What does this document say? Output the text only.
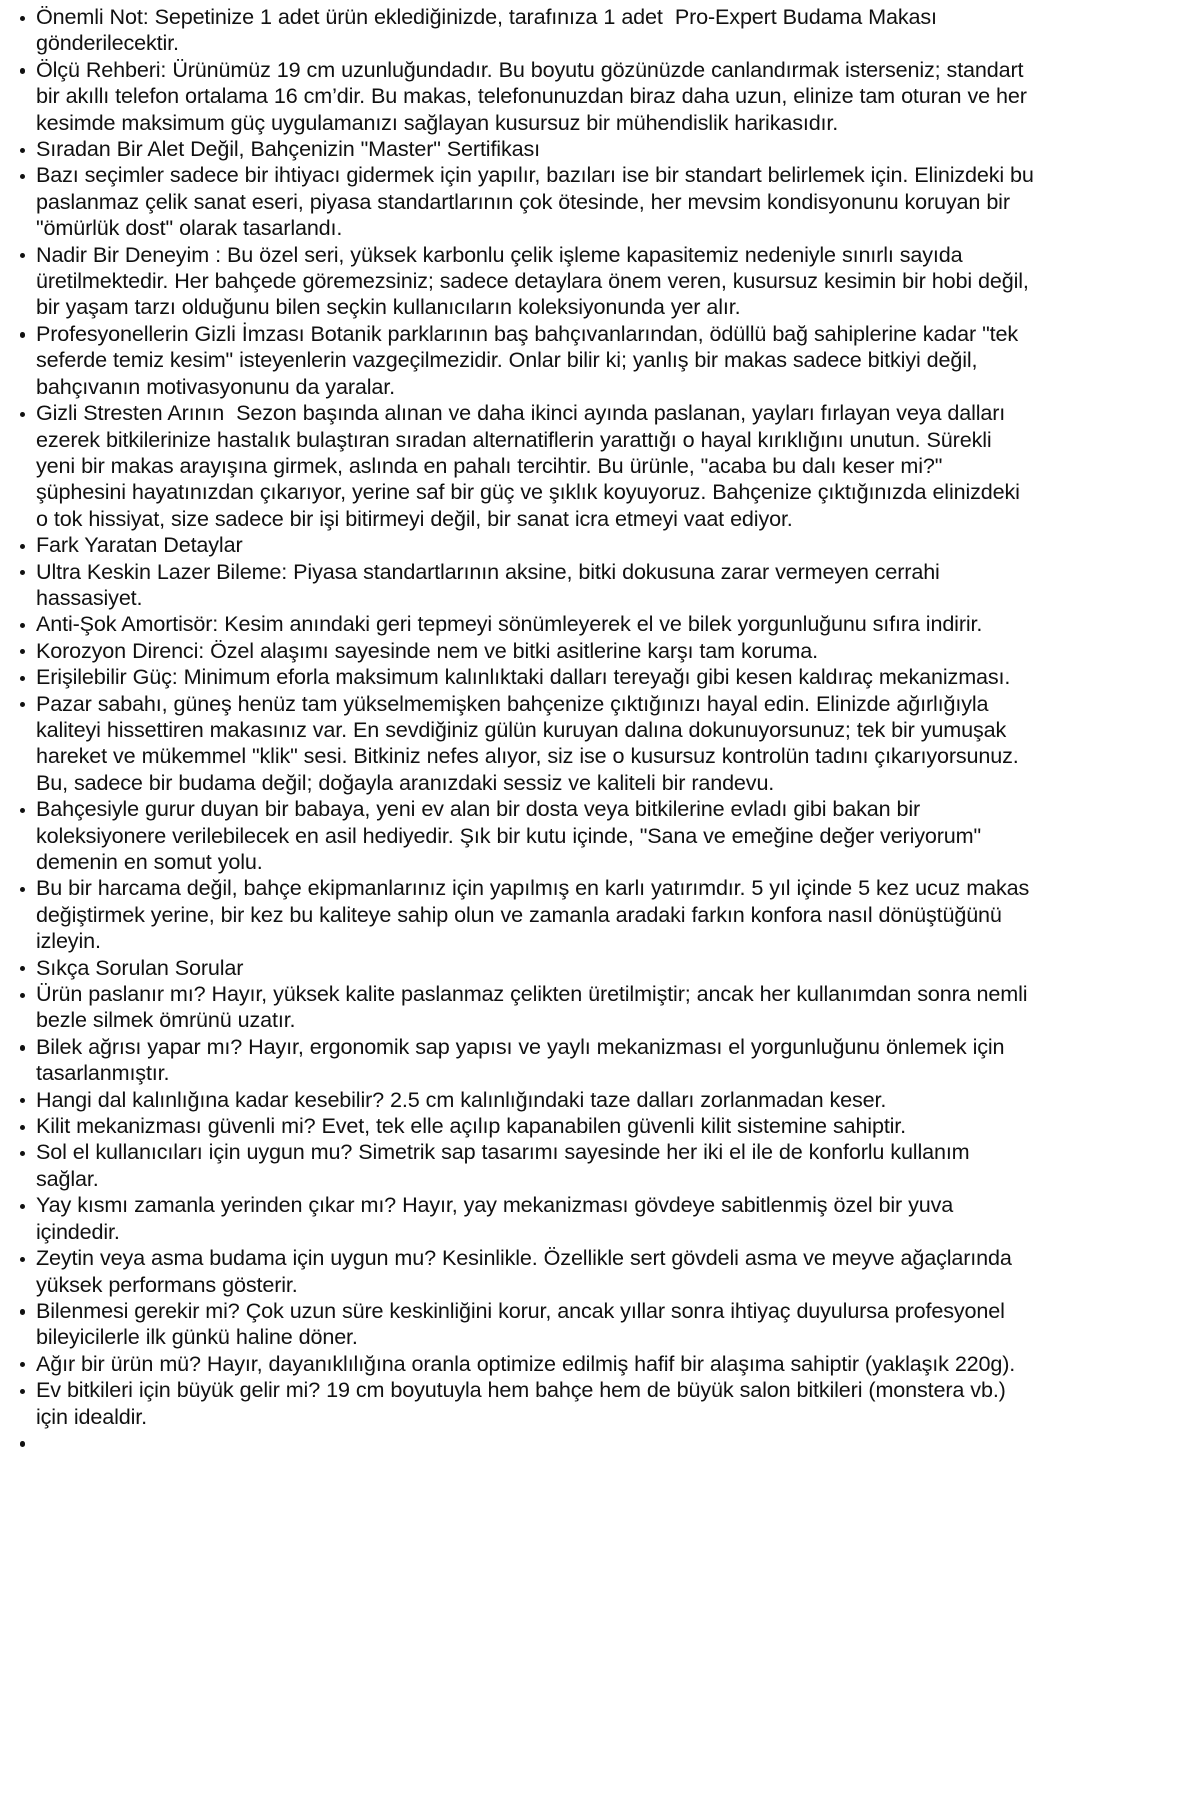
Önemli Not: Sepetinize 1 adet ürün eklediğinizde, tarafınıza 1 adet  Pro-Expert Budama Makası gönderilecektir.
Ölçü Rehberi: Ürünümüz 19 cm uzunluğundadır. Bu boyutu gözünüzde canlandırmak isterseniz; standart bir akıllı telefon ortalama 16 cm’dir. Bu makas, telefonunuzdan biraz daha uzun, elinize tam oturan ve her kesimde maksimum güç uygulamanızı sağlayan kusursuz bir mühendislik harikasıdır.
Sıradan Bir Alet Değil, Bahçenizin "Master" Sertifikası
Bazı seçimler sadece bir ihtiyacı gidermek için yapılır, bazıları ise bir standart belirlemek için. Elinizdeki bu paslanmaz çelik sanat eseri, piyasa standartlarının çok ötesinde, her mevsim kondisyonunu koruyan bir "ömürlük dost" olarak tasarlandı.
Nadir Bir Deneyim : Bu özel seri, yüksek karbonlu çelik işleme kapasitemiz nedeniyle sınırlı sayıda üretilmektedir. Her bahçede göremezsiniz; sadece detaylara önem veren, kusursuz kesimin bir hobi değil, bir yaşam tarzı olduğunu bilen seçkin kullanıcıların koleksiyonunda yer alır.
Profesyonellerin Gizli İmzası Botanik parklarının baş bahçıvanlarından, ödüllü bağ sahiplerine kadar "tek seferde temiz kesim" isteyenlerin vazgeçilmezidir. Onlar bilir ki; yanlış bir makas sadece bitkiyi değil, bahçıvanın motivasyonunu da yaralar.
Gizli Stresten Arının  Sezon başında alınan ve daha ikinci ayında paslanan, yayları fırlayan veya dalları ezerek bitkilerinize hastalık bulaştıran sıradan alternatiflerin yarattığı o hayal kırıklığını unutun. Sürekli yeni bir makas arayışına girmek, aslında en pahalı tercihtir. Bu ürünle, "acaba bu dalı keser mi?" şüphesini hayatınızdan çıkarıyor, yerine saf bir güç ve şıklık koyuyoruz. Bahçenize çıktığınızda elinizdeki o tok hissiyat, size sadece bir işi bitirmeyi değil, bir sanat icra etmeyi vaat ediyor.
Fark Yaratan Detaylar
Ultra Keskin Lazer Bileme: Piyasa standartlarının aksine, bitki dokusuna zarar vermeyen cerrahi hassasiyet.
Anti-Şok Amortisör: Kesim anındaki geri tepmeyi sönümleyerek el ve bilek yorgunluğunu sıfıra indirir.
Korozyon Direnci: Özel alaşımı sayesinde nem ve bitki asitlerine karşı tam koruma.
Erişilebilir Güç: Minimum eforla maksimum kalınlıktaki dalları tereyağı gibi kesen kaldıraç mekanizması.
Pazar sabahı, güneş henüz tam yükselmemişken bahçenize çıktığınızı hayal edin. Elinizde ağırlığıyla kaliteyi hissettiren makasınız var. En sevdiğiniz gülün kuruyan dalına dokunuyorsunuz; tek bir yumuşak hareket ve mükemmel "klik" sesi. Bitkiniz nefes alıyor, siz ise o kusursuz kontrolün tadını çıkarıyorsunuz. Bu, sadece bir budama değil; doğayla aranızdaki sessiz ve kaliteli bir randevu.
Bahçesiyle gurur duyan bir babaya, yeni ev alan bir dosta veya bitkilerine evladı gibi bakan bir koleksiyonere verilebilecek en asil hediyedir. Şık bir kutu içinde, "Sana ve emeğine değer veriyorum" demenin en somut yolu.
Bu bir harcama değil, bahçe ekipmanlarınız için yapılmış en karlı yatırımdır. 5 yıl içinde 5 kez ucuz makas değiştirmek yerine, bir kez bu kaliteye sahip olun ve zamanla aradaki farkın konfora nasıl dönüştüğünü izleyin.
Sıkça Sorulan Sorular
Ürün paslanır mı? Hayır, yüksek kalite paslanmaz çelikten üretilmiştir; ancak her kullanımdan sonra nemli bezle silmek ömrünü uzatır.
Bilek ağrısı yapar mı? Hayır, ergonomik sap yapısı ve yaylı mekanizması el yorgunluğunu önlemek için tasarlanmıştır.
Hangi dal kalınlığına kadar kesebilir? 2.5 cm kalınlığındaki taze dalları zorlanmadan keser.
Kilit mekanizması güvenli mi? Evet, tek elle açılıp kapanabilen güvenli kilit sistemine sahiptir.
Sol el kullanıcıları için uygun mu? Simetrik sap tasarımı sayesinde her iki el ile de konforlu kullanım sağlar.
Yay kısmı zamanla yerinden çıkar mı? Hayır, yay mekanizması gövdeye sabitlenmiş özel bir yuva içindedir.
Zeytin veya asma budama için uygun mu? Kesinlikle. Özellikle sert gövdeli asma ve meyve ağaçlarında yüksek performans gösterir.
Bilenmesi gerekir mi? Çok uzun süre keskinliğini korur, ancak yıllar sonra ihtiyaç duyulursa profesyonel bileyicilerle ilk günkü haline döner.
Ağır bir ürün mü? Hayır, dayanıklılığına oranla optimize edilmiş hafif bir alaşıma sahiptir (yaklaşık 220g).
Ev bitkileri için büyük gelir mi? 19 cm boyutuyla hem bahçe hem de büyük salon bitkileri (monstera vb.) için idealdir.
